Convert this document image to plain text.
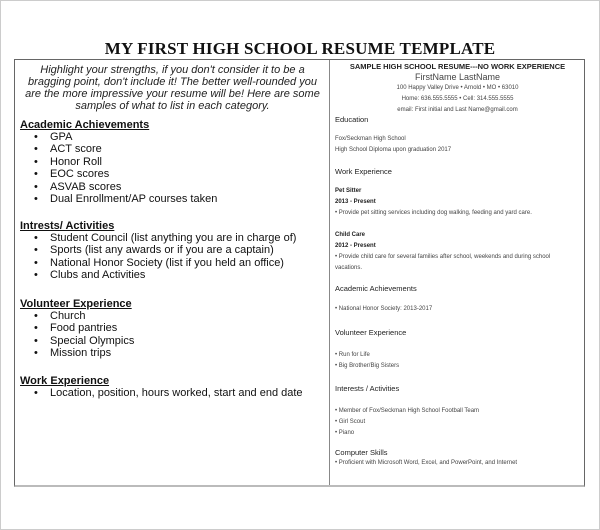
MY FIRST HIGH SCHOOL RESUME TEMPLATE

Highlight your strengths, if you don't consider it to be a bragging point, don't include it! The better well-rounded you are the more impressive your resume will be! Here are some samples of what to list in each category.

Academic Achievements
• GPA
• ACT score
• Honor Roll
• EOC scores
• ASVAB scores
• Dual Enrollment/AP courses taken
Intrests/ Activities
• Student Council (list anything you are in charge of)
• Sports (list any awards or if you are a captain)
• National Honor Society (list if you held an office)
• Clubs and Activities
Volunteer Experience
• Church
• Food pantries
• Special Olympics
• Mission trips
Work Experience
• Location, position, hours worked, start and end date
SAMPLE HIGH SCHOOL RESUME---NO WORK EXPERIENCE
FirstName LastName
100 Happy Valley Drive • Arnold • MO • 63010
Home: 636.555.5555 • Cell: 314.555.5555
email: First initial and Last Name@gmail.com
Education
Fox/Seckman High School
High School Diploma upon graduation 2017
Work Experience
Pet Sitter
2013 - Present
• Provide pet sitting services including dog walking, feeding and yard care.
Child Care
2012 - Present
• Provide child care for several families after school, weekends and during school
vacations.
Academic Achievements
• National Honor Society: 2013-2017
Volunteer Experience
• Run for Life
• Big Brother/Big Sisters
Interests / Activities
• Member of Fox/Seckman High School Football Team
• Girl Scout
• Piano
Computer Skills
• Proficient with Microsoft Word, Excel, and PowerPoint, and Internet
